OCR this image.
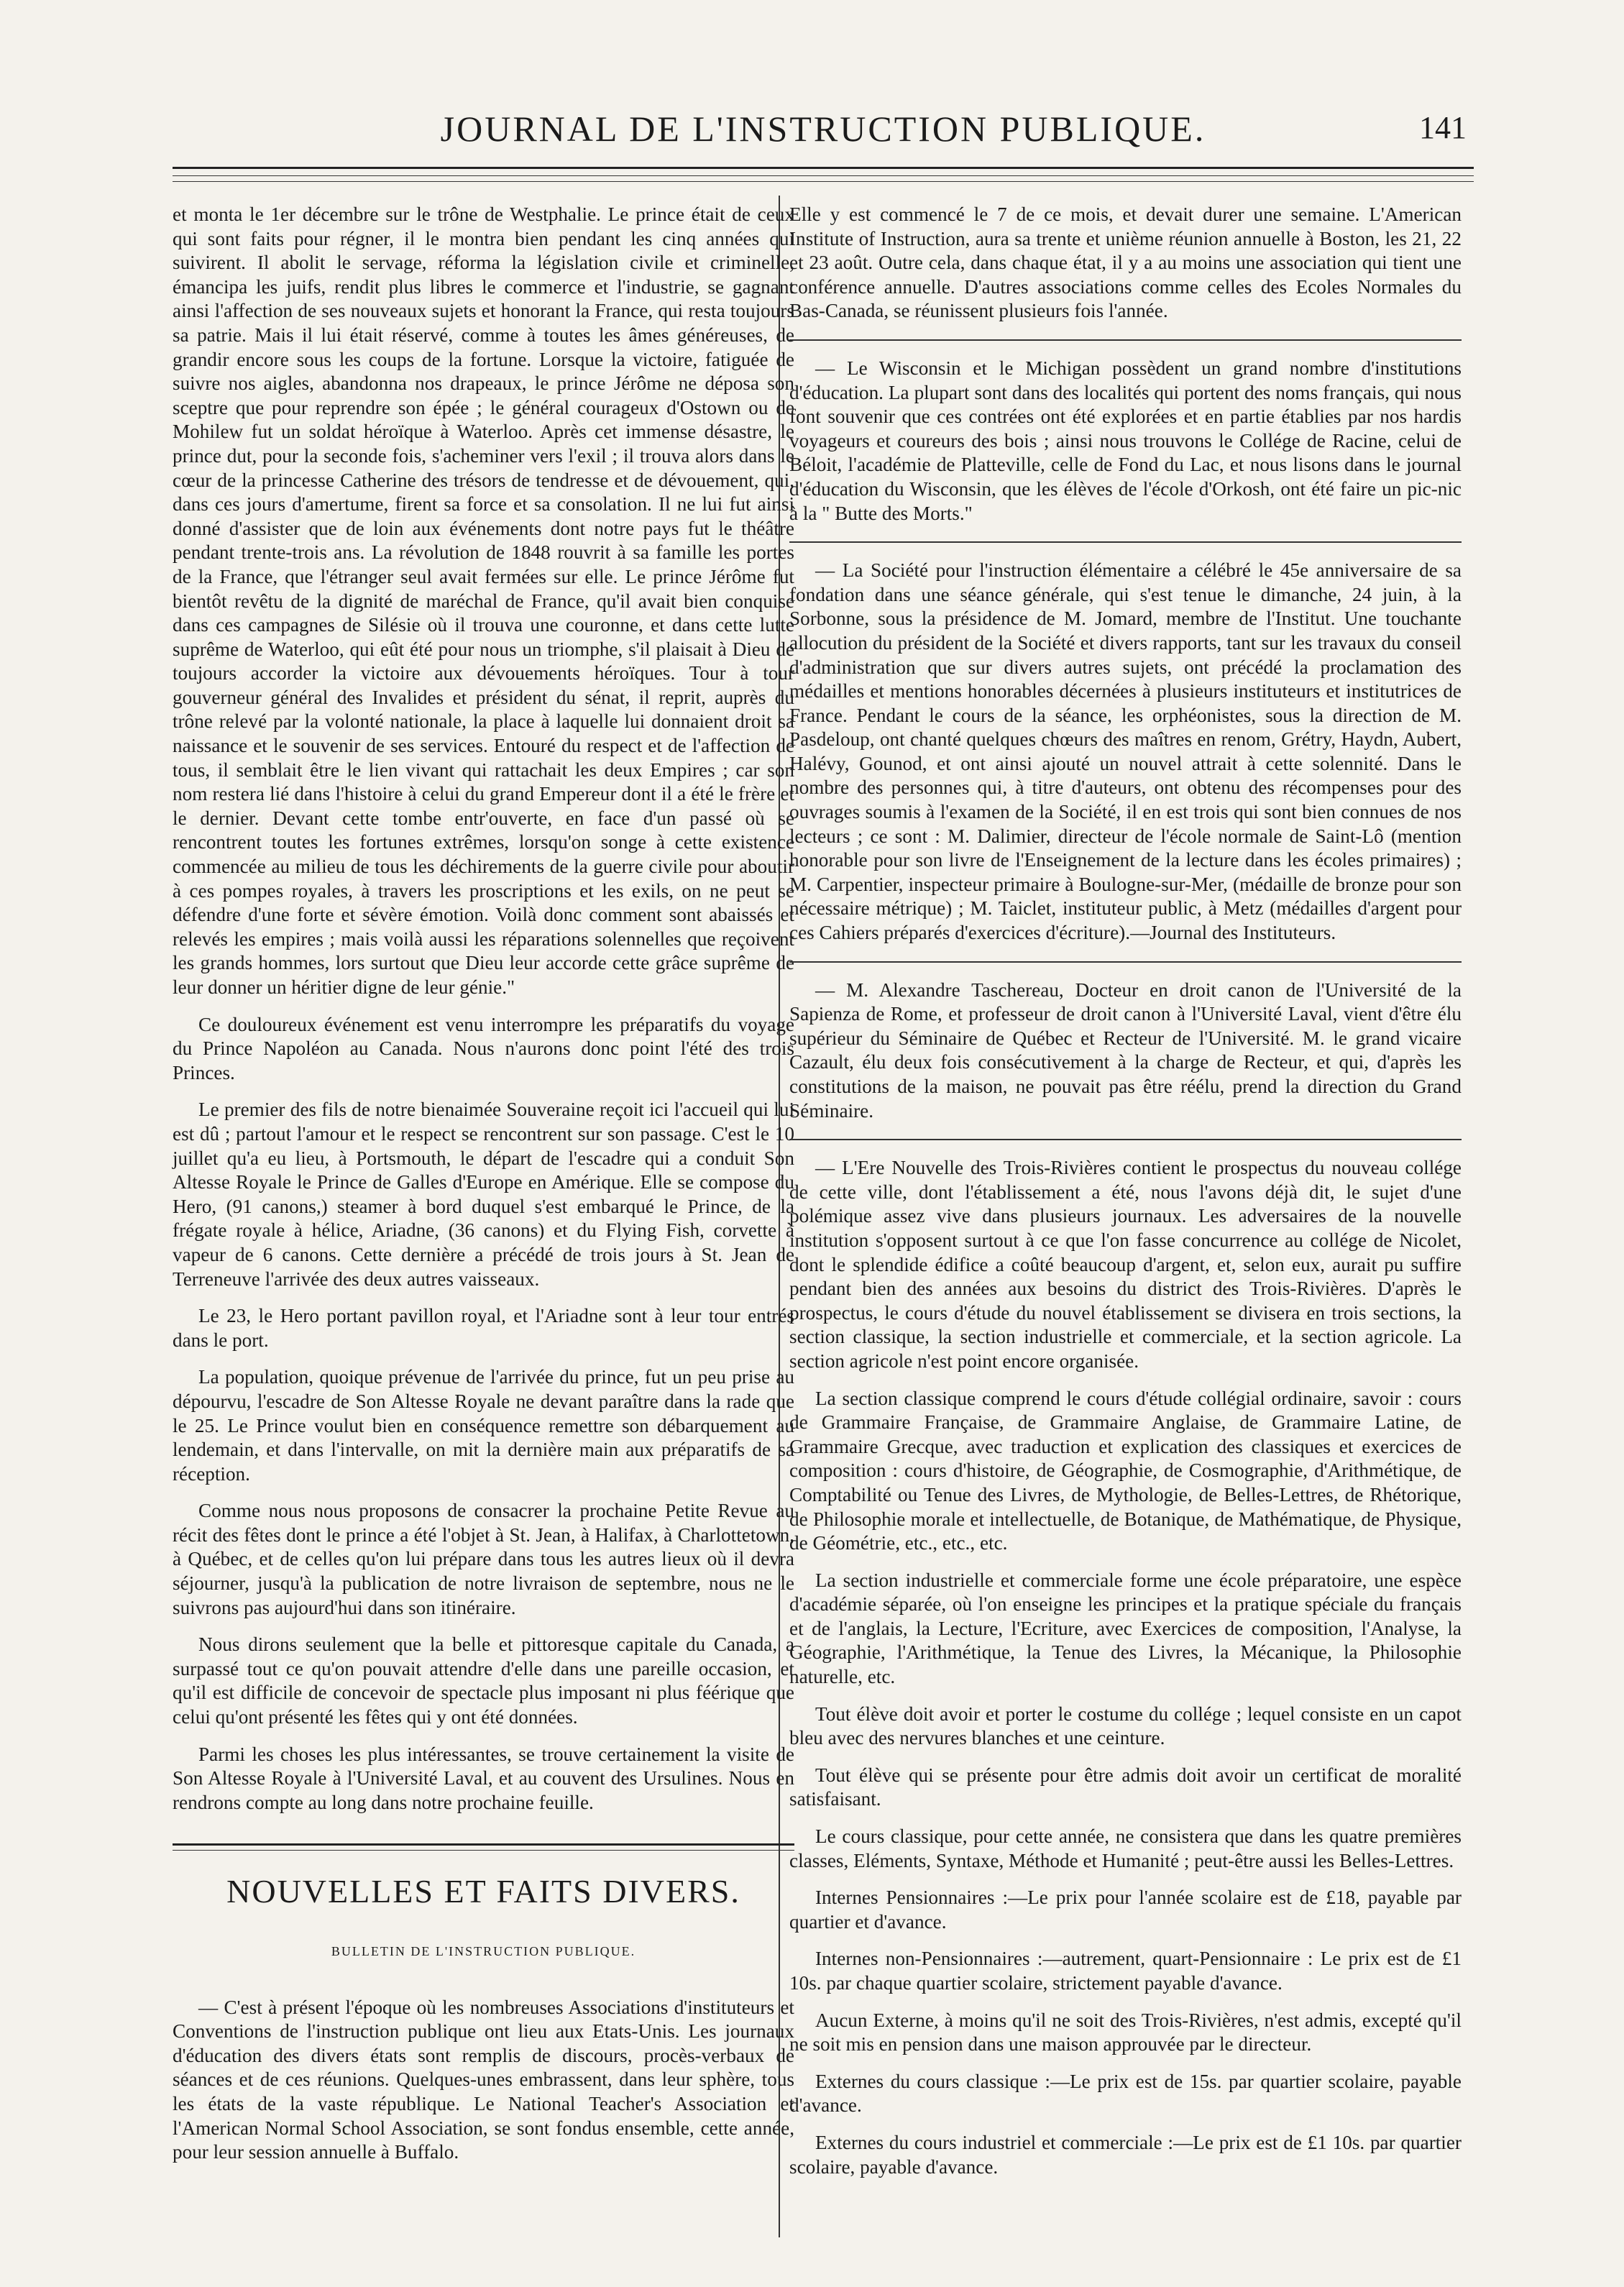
JOURNAL DE L'INSTRUCTION PUBLIQUE.	141

et monta le 1er décembre sur le trône de Westphalie. Le prince était de ceux qui sont faits pour régner, il le montra bien pendant les cinq années qui suivirent. Il abolit le servage, réforma la législation civile et criminelle, émancipa les juifs, rendit plus libres le commerce et l'industrie, se gagnant ainsi l'affection de ses nouveaux sujets et honorant la France, qui resta toujours sa patrie. Mais il lui était réservé, comme à toutes les âmes généreuses, de grandir encore sous les coups de la fortune. Lorsque la victoire, fatiguée de suivre nos aigles, abandonna nos drapeaux, le prince Jérôme ne déposa son sceptre que pour reprendre son épée ; le général courageux d'Ostown ou de Mohilew fut un soldat héroïque à Waterloo. Après cet immense désastre, le prince dut, pour la seconde fois, s'acheminer vers l'exil ; il trouva alors dans le cœur de la princesse Catherine des trésors de tendresse et de dévouement, qui, dans ces jours d'amertume, firent sa force et sa consolation. Il ne lui fut ainsi donné d'assister que de loin aux événements dont notre pays fut le théâtre pendant trente-trois ans. La révolution de 1848 rouvrit à sa famille les portes de la France, que l'étranger seul avait fermées sur elle. Le prince Jérôme fut bientôt revêtu de la dignité de maréchal de France, qu'il avait bien conquise dans ces campagnes de Silésie où il trouva une couronne, et dans cette lutte suprême de Waterloo, qui eût été pour nous un triomphe, s'il plaisait à Dieu de toujours accorder la victoire aux dévouements héroïques. Tour à tour gouverneur général des Invalides et président du sénat, il reprit, auprès du trône relevé par la volonté nationale, la place à laquelle lui donnaient droit sa naissance et le souvenir de ses services. Entouré du respect et de l'affection de tous, il semblait être le lien vivant qui rattachait les deux Empires ; car son nom restera lié dans l'histoire à celui du grand Empereur dont il a été le frère et le dernier. Devant cette tombe entr'ouverte, en face d'un passé où se rencontrent toutes les fortunes extrêmes, lorsqu'on songe à cette existence commencée au milieu de tous les déchirements de la guerre civile pour aboutir à ces pompes royales, à travers les proscriptions et les exils, on ne peut se défendre d'une forte et sévère émotion. Voilà donc comment sont abaissés et relevés les empires ; mais voilà aussi les réparations solennelles que reçoivent les grands hommes, lors surtout que Dieu leur accorde cette grâce suprême de leur donner un héritier digne de leur génie."

Ce douloureux événement est venu interrompre les préparatifs du voyage du Prince Napoléon au Canada. Nous n'aurons donc point l'été des trois Princes.

Le premier des fils de notre bienaimée Souveraine reçoit ici l'accueil qui lui est dû ; partout l'amour et le respect se rencontrent sur son passage. C'est le 10 juillet qu'a eu lieu, à Portsmouth, le départ de l'escadre qui a conduit Son Altesse Royale le Prince de Galles d'Europe en Amérique. Elle se compose du Hero, (91 canons,) steamer à bord duquel s'est embarqué le Prince, de la frégate royale à hélice, Ariadne, (36 canons) et du Flying Fish, corvette à vapeur de 6 canons. Cette dernière a précédé de trois jours à St. Jean de Terreneuve l'arrivée des deux autres vaisseaux.

Le 23, le Hero portant pavillon royal, et l'Ariadne sont à leur tour entrés dans le port.

La population, quoique prévenue de l'arrivée du prince, fut un peu prise au dépourvu, l'escadre de Son Altesse Royale ne devant paraître dans la rade que le 25. Le Prince voulut bien en conséquence remettre son débarquement au lendemain, et dans l'intervalle, on mit la dernière main aux préparatifs de sa réception.

Comme nous nous proposons de consacrer la prochaine Petite Revue au récit des fêtes dont le prince a été l'objet à St. Jean, à Halifax, à Charlottetown, à Québec, et de celles qu'on lui prépare dans tous les autres lieux où il devra séjourner, jusqu'à la publication de notre livraison de septembre, nous ne le suivrons pas aujourd'hui dans son itinéraire.

Nous dirons seulement que la belle et pittoresque capitale du Canada, a surpassé tout ce qu'on pouvait attendre d'elle dans une pareille occasion, et qu'il est difficile de concevoir de spectacle plus imposant ni plus féérique que celui qu'ont présenté les fêtes qui y ont été données.

Parmi les choses les plus intéressantes, se trouve certainement la visite de Son Altesse Royale à l'Université Laval, et au couvent des Ursulines. Nous en rendrons compte au long dans notre prochaine feuille.

NOUVELLES ET FAITS DIVERS.
BULLETIN DE L'INSTRUCTION PUBLIQUE.

— C'est à présent l'époque où les nombreuses Associations d'instituteurs et Conventions de l'instruction publique ont lieu aux Etats-Unis. Les journaux d'éducation des divers états sont remplis de discours, procès-verbaux de séances et de ces réunions. Quelques-unes embrassent, dans leur sphère, tous les états de la vaste république. Le National Teacher's Association et l'American Normal School Association, se sont fondus ensemble, cette année, pour leur session annuelle à Buffalo.

Elle y est commencé le 7 de ce mois, et devait durer une semaine. L'American Institute of Instruction, aura sa trente et unième réunion annuelle à Boston, les 21, 22 et 23 août. Outre cela, dans chaque état, il y a au moins une association qui tient une conférence annuelle. D'autres associations comme celles des Ecoles Normales du Bas-Canada, se réunissent plusieurs fois l'année.

— Le Wisconsin et le Michigan possèdent un grand nombre d'institutions d'éducation. La plupart sont dans des localités qui portent des noms français, qui nous font souvenir que ces contrées ont été explorées et en partie établies par nos hardis voyageurs et coureurs des bois ; ainsi nous trouvons le Collége de Racine, celui de Béloit, l'académie de Platteville, celle de Fond du Lac, et nous lisons dans le journal d'éducation du Wisconsin, que les élèves de l'école d'Orkosh, ont été faire un pic-nic à la " Butte des Morts."

— La Société pour l'instruction élémentaire a célébré le 45e anniversaire de sa fondation dans une séance générale, qui s'est tenue le dimanche, 24 juin, à la Sorbonne, sous la présidence de M. Jomard, membre de l'Institut. Une touchante allocution du président de la Société et divers rapports, tant sur les travaux du conseil d'administration que sur divers autres sujets, ont précédé la proclamation des médailles et mentions honorables décernées à plusieurs instituteurs et institutrices de France. Pendant le cours de la séance, les orphéonistes, sous la direction de M. Pasdeloup, ont chanté quelques chœurs des maîtres en renom, Grétry, Haydn, Aubert, Halévy, Gounod, et ont ainsi ajouté un nouvel attrait à cette solennité. Dans le nombre des personnes qui, à titre d'auteurs, ont obtenu des récompenses pour des ouvrages soumis à l'examen de la Société, il en est trois qui sont bien connues de nos lecteurs ; ce sont : M. Dalimier, directeur de l'école normale de Saint-Lô (mention honorable pour son livre de l'Enseignement de la lecture dans les écoles primaires) ; M. Carpentier, inspecteur primaire à Boulogne-sur-Mer, (médaille de bronze pour son nécessaire métrique) ; M. Taiclet, instituteur public, à Metz (médailles d'argent pour ces Cahiers préparés d'exercices d'écriture).—Journal des Instituteurs.

— M. Alexandre Taschereau, Docteur en droit canon de l'Université de la Sapienza de Rome, et professeur de droit canon à l'Université Laval, vient d'être élu supérieur du Séminaire de Québec et Recteur de l'Université. M. le grand vicaire Cazault, élu deux fois consécutivement à la charge de Recteur, et qui, d'après les constitutions de la maison, ne pouvait pas être réélu, prend la direction du Grand Séminaire.

— L'Ere Nouvelle des Trois-Rivières contient le prospectus du nouveau collége de cette ville, dont l'établissement a été, nous l'avons déjà dit, le sujet d'une polémique assez vive dans plusieurs journaux. Les adversaires de la nouvelle institution s'opposent surtout à ce que l'on fasse concurrence au collége de Nicolet, dont le splendide édifice a coûté beaucoup d'argent, et, selon eux, aurait pu suffire pendant bien des années aux besoins du district des Trois-Rivières. D'après le prospectus, le cours d'étude du nouvel établissement se divisera en trois sections, la section classique, la section industrielle et commerciale, et la section agricole. La section agricole n'est point encore organisée.

La section classique comprend le cours d'étude collégial ordinaire, savoir : cours de Grammaire Française, de Grammaire Anglaise, de Grammaire Latine, de Grammaire Grecque, avec traduction et explication des classiques et exercices de composition : cours d'histoire, de Géographie, de Cosmographie, d'Arithmétique, de Comptabilité ou Tenue des Livres, de Mythologie, de Belles-Lettres, de Rhétorique, de Philosophie morale et intellectuelle, de Botanique, de Mathématique, de Physique, de Géométrie, etc., etc., etc.

La section industrielle et commerciale forme une école préparatoire, une espèce d'académie séparée, où l'on enseigne les principes et la pratique spéciale du français et de l'anglais, la Lecture, l'Ecriture, avec Exercices de composition, l'Analyse, la Géographie, l'Arithmétique, la Tenue des Livres, la Mécanique, la Philosophie naturelle, etc.

Tout élève doit avoir et porter le costume du collége ; lequel consiste en un capot bleu avec des nervures blanches et une ceinture.

Tout élève qui se présente pour être admis doit avoir un certificat de moralité satisfaisant.

Le cours classique, pour cette année, ne consistera que dans les quatre premières classes, Eléments, Syntaxe, Méthode et Humanité ; peut-être aussi les Belles-Lettres.

Internes Pensionnaires :—Le prix pour l'année scolaire est de £18, payable par quartier et d'avance.

Internes non-Pensionnaires :—autrement, quart-Pensionnaire : Le prix est de £1 10s. par chaque quartier scolaire, strictement payable d'avance.

Aucun Externe, à moins qu'il ne soit des Trois-Rivières, n'est admis, excepté qu'il ne soit mis en pension dans une maison approuvée par le directeur.

Externes du cours classique :—Le prix est de 15s. par quartier scolaire, payable d'avance.

Externes du cours industriel et commerciale :—Le prix est de £1 10s. par quartier scolaire, payable d'avance.
